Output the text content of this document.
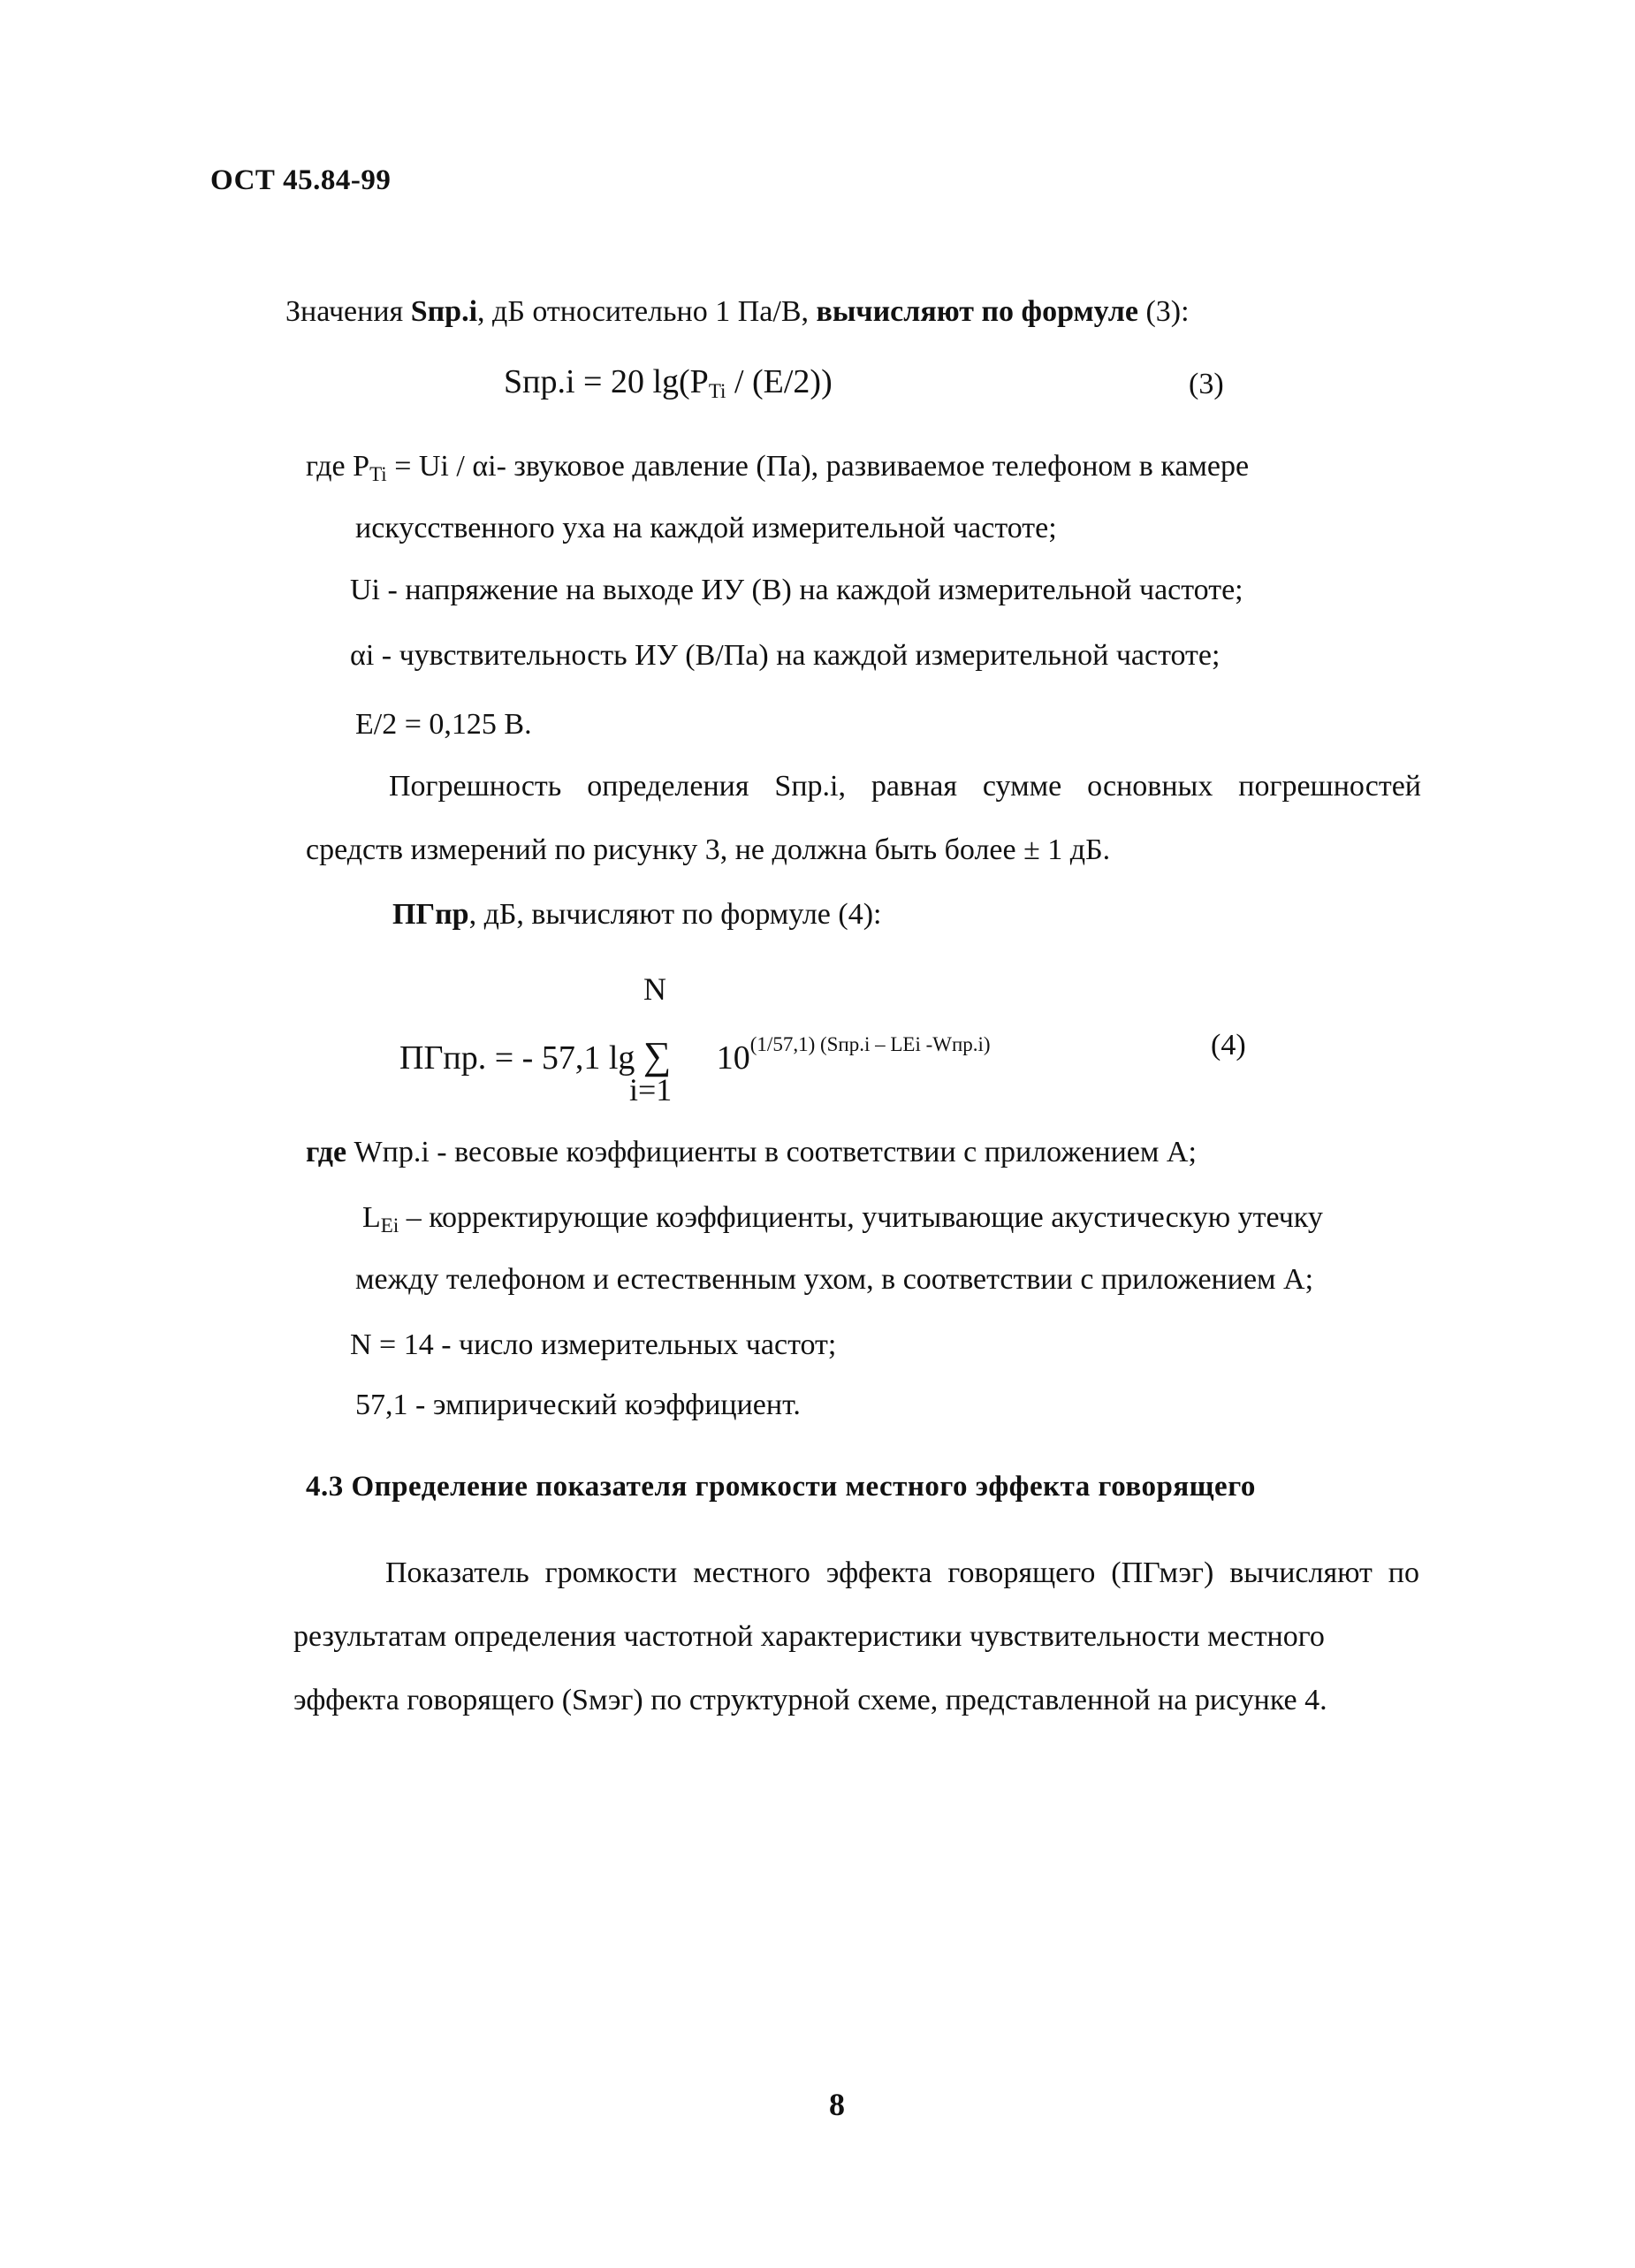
ОСТ 45.84-99
Значения Sпр.i, дБ относительно 1 Па/В, вычисляют по формуле (3):
Sпр.i = 20 $\lg(P_{Ti} / (E/2))$	(3)
где $P_{Ti} = Ui / \alpha i-$ звуковое давление (Па), развиваемое телефоном в камере
искусственного уха на каждой измерительной частоте;
Ui - напряжение на выходе ИУ (В) на каждой измерительной частоте;
αi - чувствительность ИУ (В/Па) на каждой измерительной частоте;
E/2 = 0,125 В.
Погрешность определения Sпр.i, равная сумме основных погрешностей
средств измерений по рисунку 3, не должна быть более ± 1 дБ.
ПГпр, дБ, вычисляют по формуле (4):
N
ПГпр. = - 57,1 lg ∑ $10^{(1/57,1) (Sпр.i - LEi -Wпр.i)}$	(4)
i=1
где Wпр.i - весовые коэффициенты в соответствии с приложением А;
$L_{Ei}$ – корректирующие коэффициенты, учитывающие акустическую утечку
между телефоном и естественным ухом, в соответствии с приложением А;
N = 14 - число измерительных частот;
57,1 - эмпирический коэффициент.
4.3 Определение показателя громкости местного эффекта говорящего
Показатель громкости местного эффекта говорящего (ПГмэг) вычисляют по
результатам определения частотной характеристики чувствительности местного
эффекта говорящего (Sмэг) по структурной схеме, представленной на рисунке 4.
8
